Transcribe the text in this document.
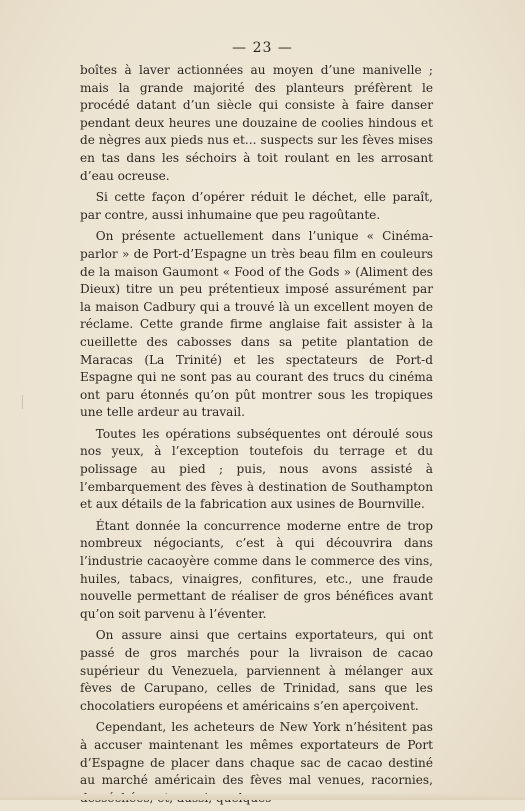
— 23 —

boîtes à laver actionnées au moyen d’une manivelle ; mais la grande majorité des planteurs préfèrent le procédé datant d’un siècle qui consiste à faire danser pendant deux heures une douzaine de coolies hindous et de nègres aux pieds nus et... suspects sur les fèves mises en tas dans les séchoirs à toit roulant en les arrosant d’eau ocreuse.

Si cette façon d’opérer réduit le déchet, elle paraît, par contre, aussi inhumaine que peu ragoûtante.

On présente actuellement dans l’unique « Cinéma-parlor » de Port-d’Espagne un très beau film en couleurs de la maison Gaumont « Food of the Gods » (Aliment des Dieux) titre un peu prétentieux imposé assurément par la maison Cadbury qui a trouvé là un excellent moyen de réclame. Cette grande firme anglaise fait assister à la cueillette des cabosses dans sa petite plantation de Maracas (La Trinité) et les spectateurs de Port-d Espagne qui ne sont pas au courant des trucs du cinéma ont paru étonnés qu’on pût montrer sous les tropiques une telle ardeur au travail.

Toutes les opérations subséquentes ont déroulé sous nos yeux, à l’exception toutefois du terrage et du polissage au pied ; puis, nous avons assisté à l’embarquement des fèves à destination de Southampton et aux détails de la fabrication aux usines de Bournville.

Étant donnée la concurrence moderne entre de trop nombreux négociants, c’est à qui découvrira dans l’industrie cacaoyère comme dans le commerce des vins, huiles, tabacs, vinaigres, confitures, etc., une fraude nouvelle permettant de réaliser de gros bénéfices avant qu’on soit parvenu à l’éventer.

On assure ainsi que certains exportateurs, qui ont passé de gros marchés pour la livraison de cacao supérieur du Venezuela, parviennent à mélanger aux fèves de Carupano, celles de Trinidad, sans que les chocolatiers européens et américains s’en aperçoivent.

Cependant, les acheteurs de New York n’hésitent pas à accuser maintenant les mêmes exportateurs de Port d’Espagne de placer dans chaque sac de cacao destiné au marché américain des fèves mal venues, racornies,
